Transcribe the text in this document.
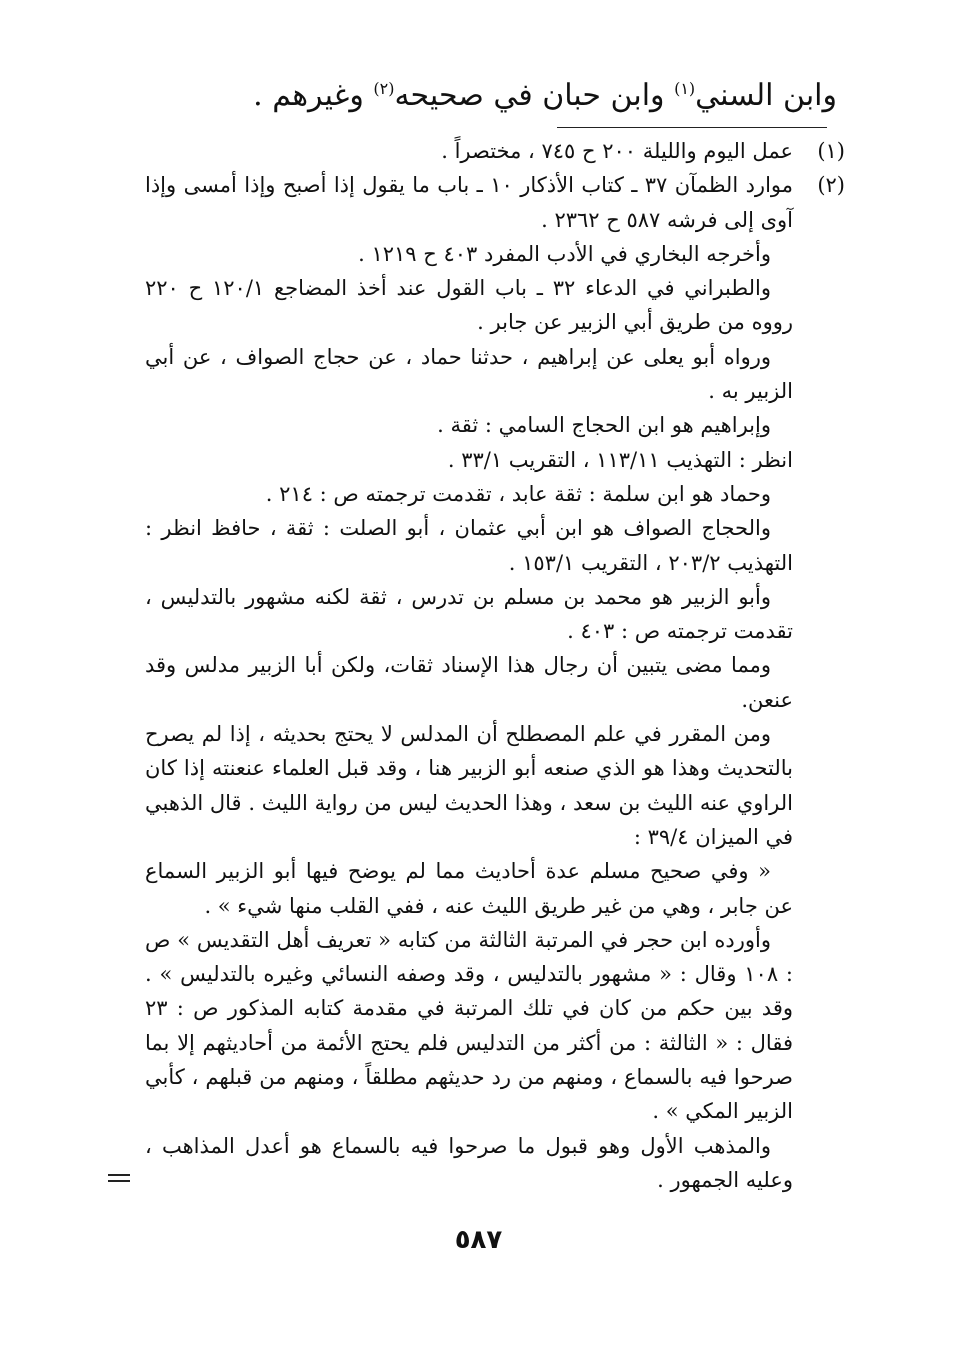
وابن السني$^{(١)}$ وابن حبان في صحيحه$^{(٢)}$ وغيرهم .
(١)
عمل اليوم والليلة ٢٠٠ ح ٧٤٥ ، مختصراً .
(٢)
موارد الظمآن ٣٧ ـ كتاب الأذكار ١٠ ـ باب ما يقول إذا أصبح وإذا أمسى وإذا آوى إلى فرشه ٥٨٧ ح ٢٣٦٢ .

وأخرجه البخاري في الأدب المفرد ٤٠٣ ح ١٢١٩ .

والطبراني في الدعاء ٣٢ ـ باب القول عند أخذ المضاجع ١٢٠/١ ح ٢٢٠ رووه من طريق أبي الزبير عن جابر .

ورواه أبو يعلى عن إبراهيم ، حدثنا حماد ، عن حجاج الصواف ، عن أبي الزبير به .

وإبراهيم هو ابن الحجاج السامي : ثقة .

انظر : التهذيب ١١٣/١١ ، التقريب ٣٣/١ .

وحماد هو ابن سلمة : ثقة عابد ، تقدمت ترجمته ص : ٢١٤ .

والحجاج الصواف هو ابن أبي عثمان ، أبو الصلت : ثقة ، حافظ انظر : التهذيب ٢٠٣/٢ ، التقريب ١٥٣/١ .

وأبو الزبير هو محمد بن مسلم بن تدرس ، ثقة لكنه مشهور بالتدليس ، تقدمت ترجمته ص : ٤٠٣ .

ومما مضى يتبين أن رجال هذا الإسناد ثقات، ولكن أبا الزبير مدلس وقد عنعن.

ومن المقرر في علم المصطلح أن المدلس لا يحتج بحديثه ، إذا لم يصرح بالتحديث وهذا هو الذي صنعه أبو الزبير هنا ، وقد قبل العلماء عنعنته إذا كان الراوي عنه الليث بن سعد ، وهذا الحديث ليس من رواية الليث . قال الذهبي في الميزان ٣٩/٤ :

« وفي صحيح مسلم عدة أحاديث مما لم يوضح فيها أبو الزبير السماع عن جابر ، وهي من غير طريق الليث عنه ، ففي القلب منها شيء » .

وأورده ابن حجر في المرتبة الثالثة من كتابه « تعريف أهل التقديس » ص : ١٠٨ وقال : « مشهور بالتدليس ، وقد وصفه النسائي وغيره بالتدليس » . وقد بين حكم من كان في تلك المرتبة في مقدمة كتابه المذكور ص : ٢٣ فقال : « الثالثة : من أكثر من التدليس فلم يحتج الأئمة من أحاديثهم إلا بما صرحوا فيه بالسماع ، ومنهم من رد حديثهم مطلقاً ، ومنهم من قبلهم ، كأبي الزبير المكي » .

والمذهب الأول وهو قبول ما صرحوا فيه بالسماع هو أعدل المذاهب ، وعليه الجمهور .

٥٨٧
